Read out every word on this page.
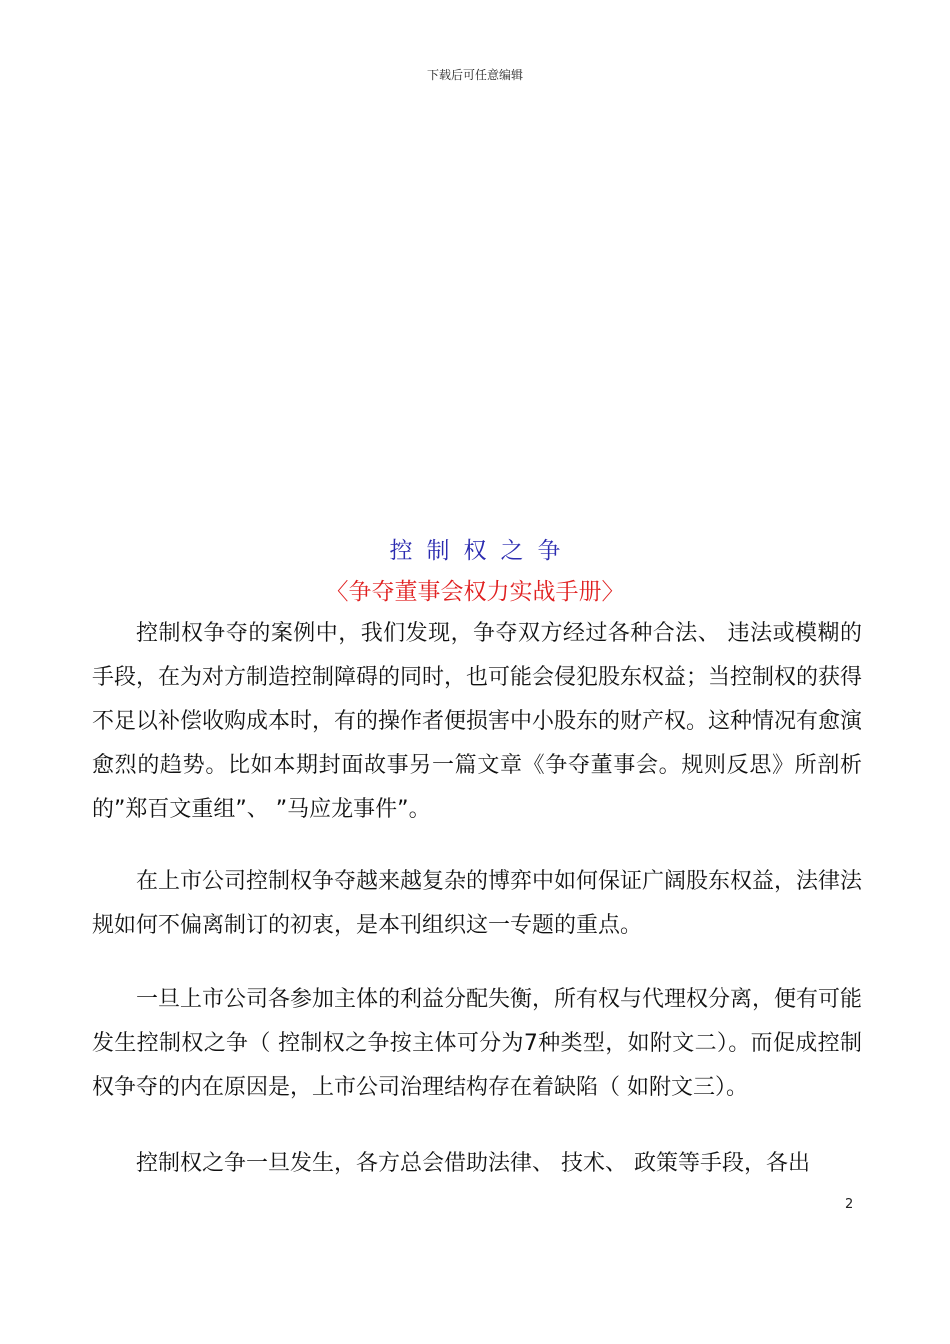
下载后可任意编辑
控制权之争
〈争夺董事会权力实战手册〉

控制权争夺的案例中，我们发现，争夺双方经过各种合法、 违法或模糊的手段，在为对方制造控制障碍的同时，也可能会侵犯股东权益；当控制权的获得不足以补偿收购成本时，有的操作者便损害中小股东的财产权。这种情况有愈演愈烈的趋势。比如本期封面故事另一篇文章《争夺董事会。规则反思》所剖析的”郑百文重组”、 ”马应龙事件”。

在上市公司控制权争夺越来越复杂的博弈中如何保证广阔股东权益，法律法规如何不偏离制订的初衷，是本刊组织这一专题的重点。

一旦上市公司各参加主体的利益分配失衡，所有权与代理权分离，便有可能发生控制权之争（ 控制权之争按主体可分为7种类型，如附文二）。而促成控制权争夺的内在原因是，上市公司治理结构存在着缺陷（ 如附文三）。

控制权之争一旦发生，各方总会借助法律、 技术、 政策等手段，各出

2
